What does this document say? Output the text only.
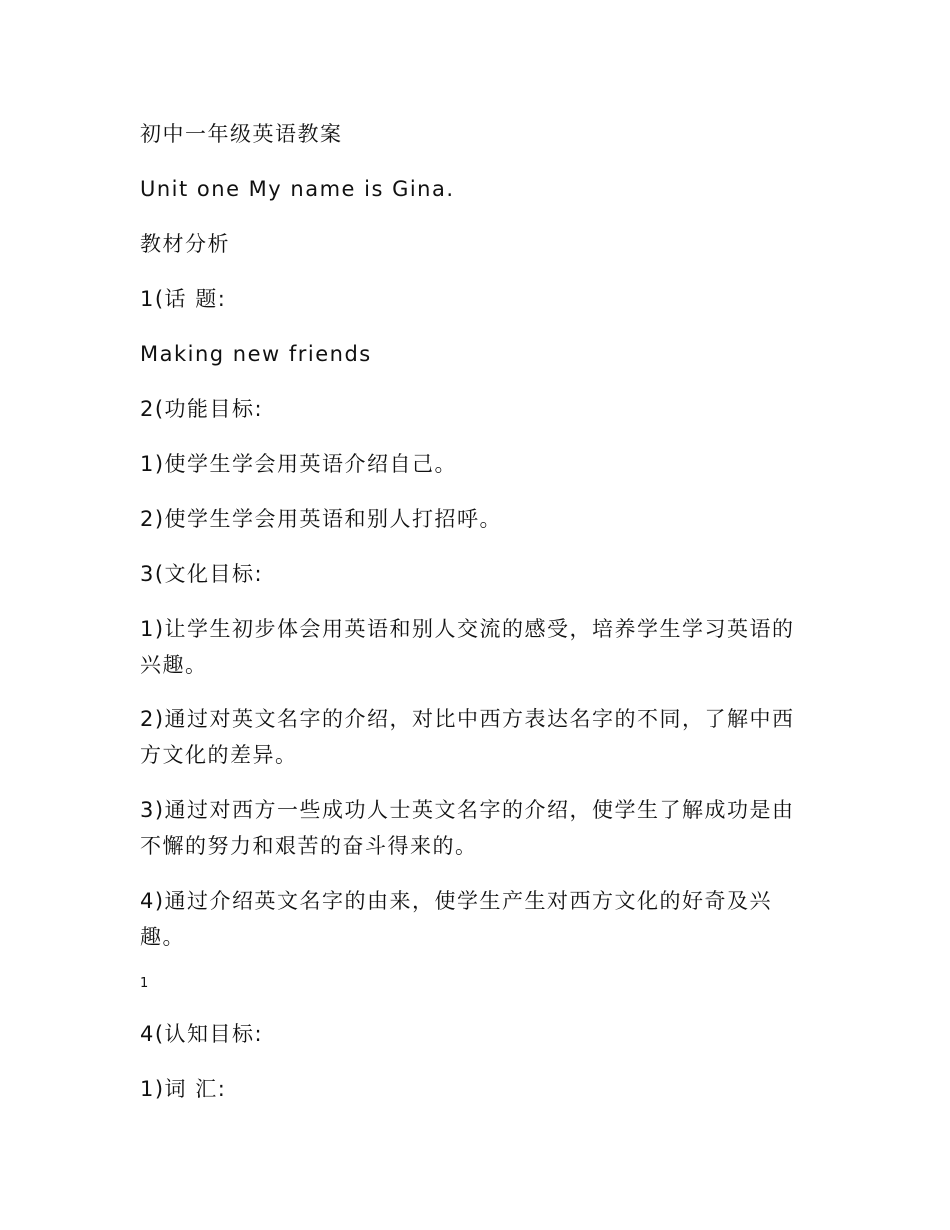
初中一年级英语教案
Unit one My name is Gina.
教材分析
1(话 题:
Making new friends
2(功能目标:
1)使学生学会用英语介绍自己。
2)使学生学会用英语和别人打招呼。
3(文化目标:
1)让学生初步体会用英语和别人交流的感受，培养学生学习英语的兴趣。
2)通过对英文名字的介绍，对比中西方表达名字的不同，了解中西方文化的差异。
3)通过对西方一些成功人士英文名字的介绍，使学生了解成功是由不懈的努力和艰苦的奋斗得来的。
4)通过介绍英文名字的由来，使学生产生对西方文化的好奇及兴趣。
1
4(认知目标:
1)词 汇:
